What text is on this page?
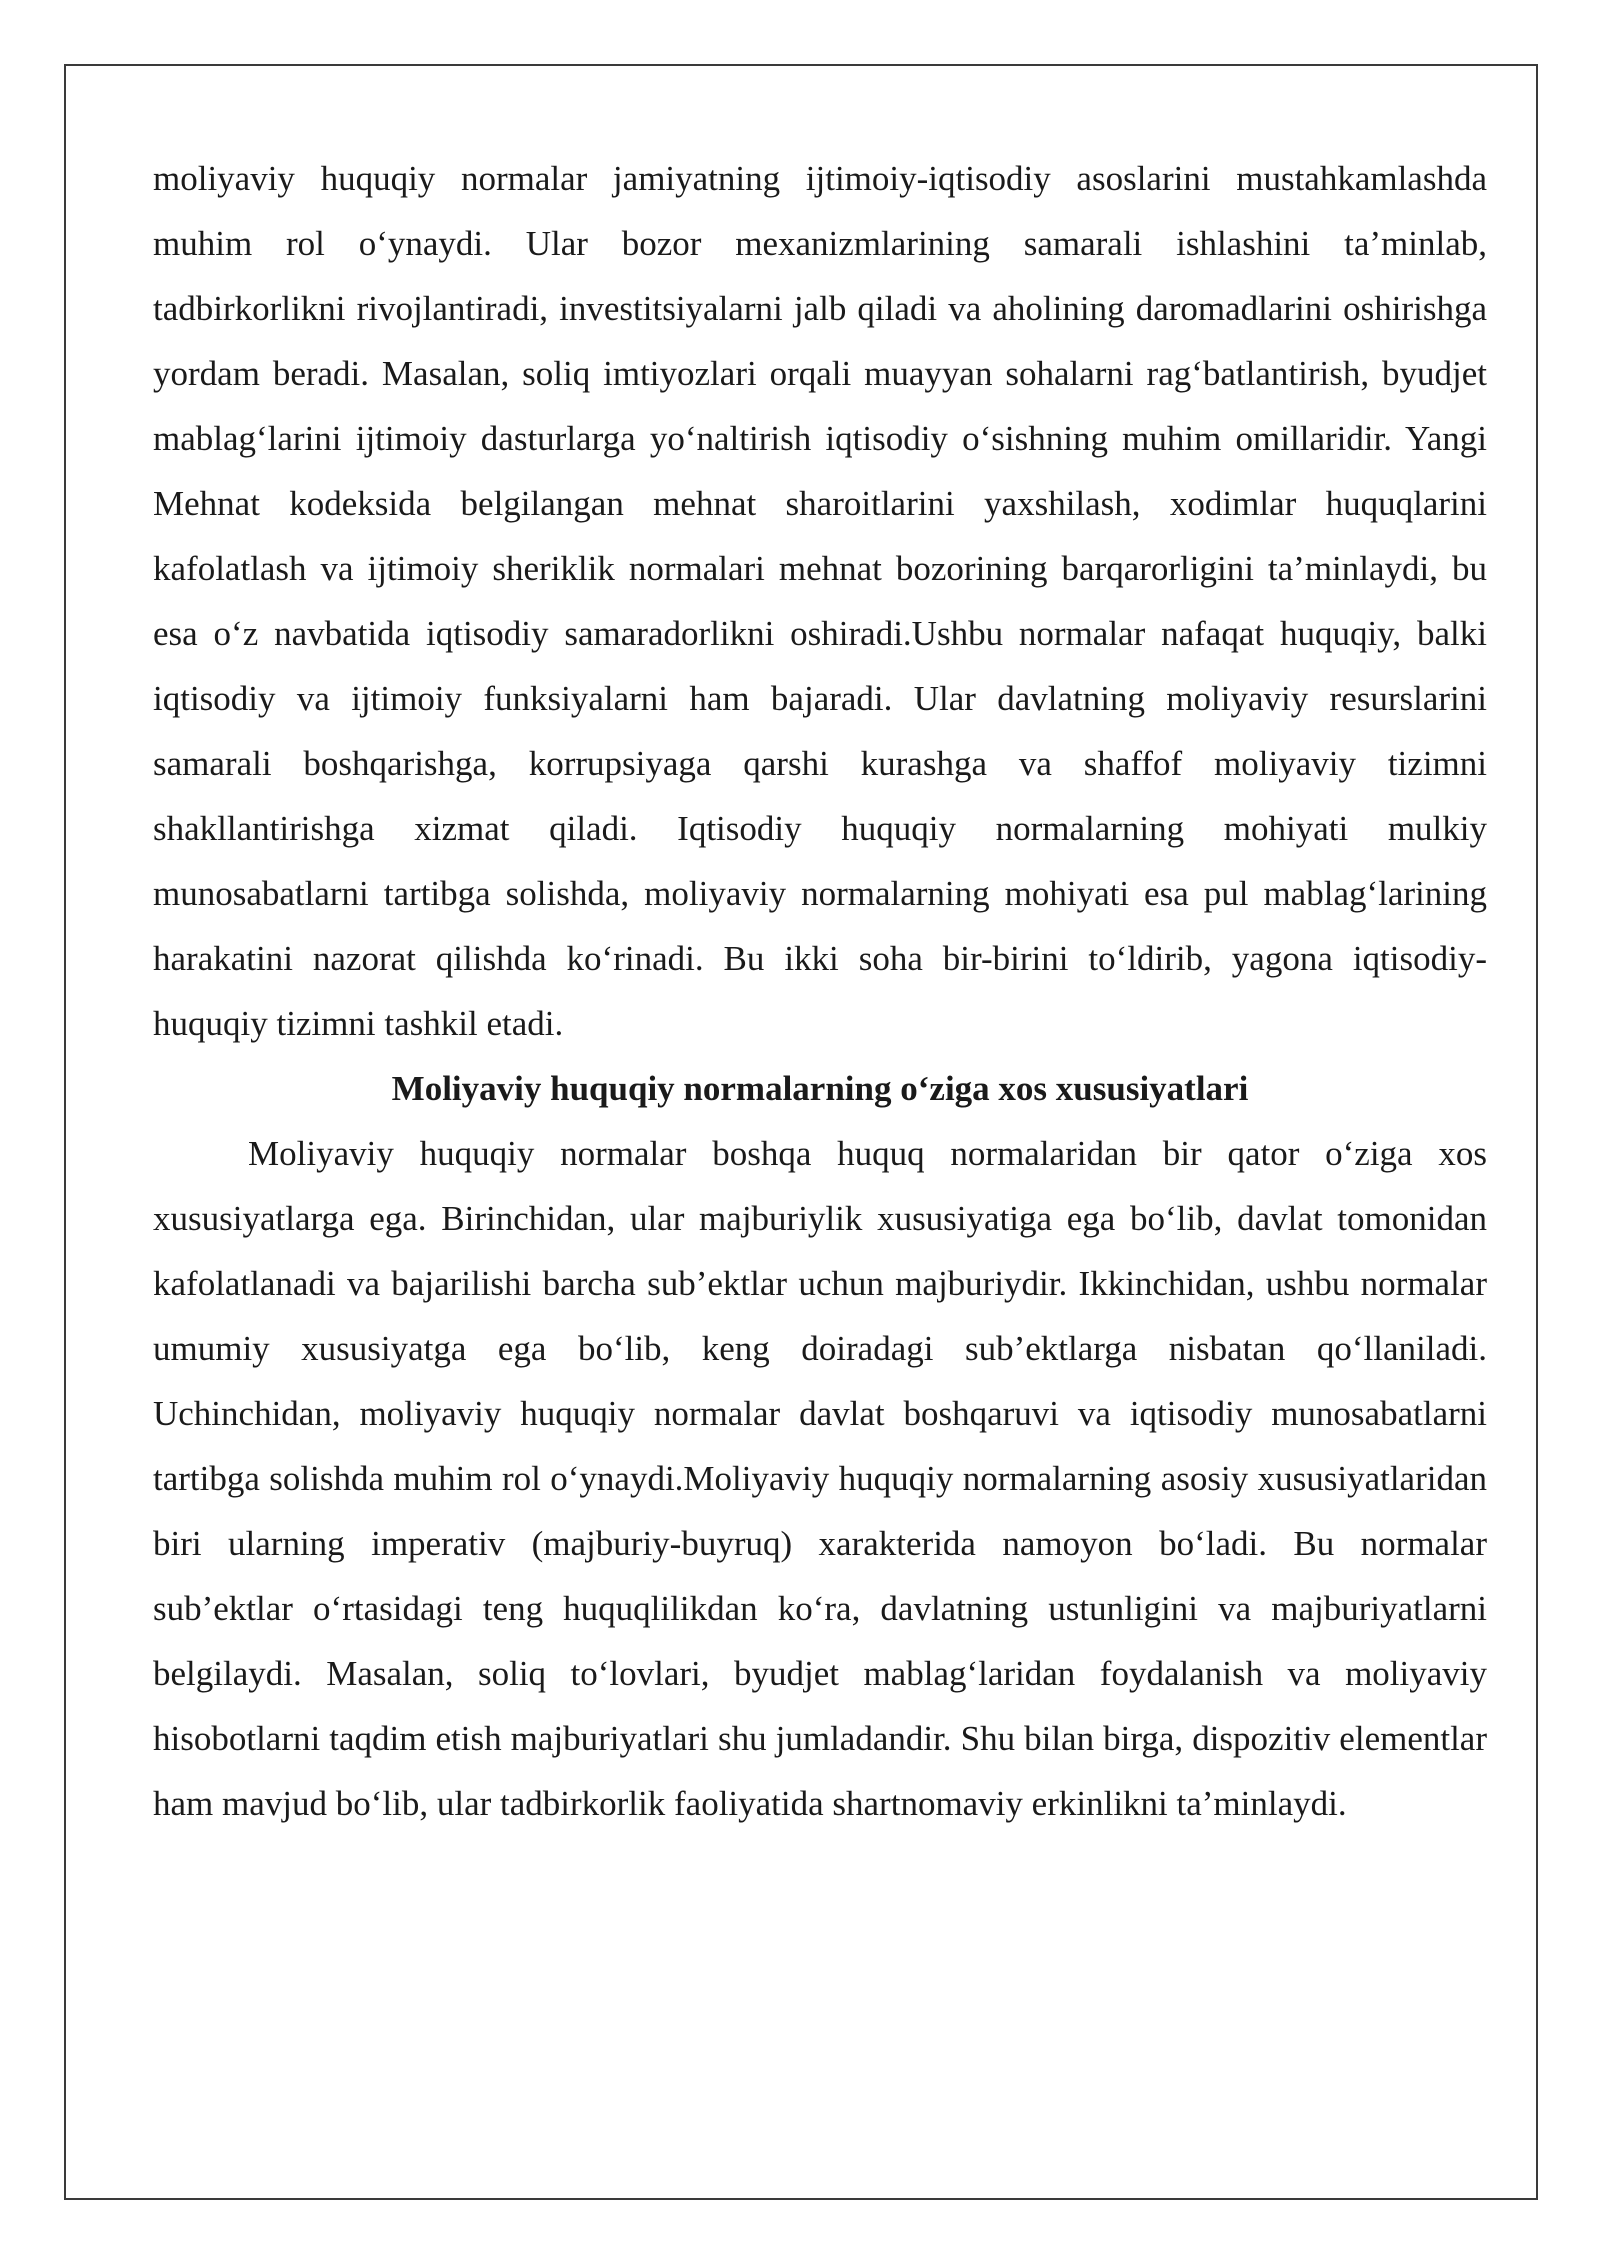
moliyaviy huquqiy normalar jamiyatning ijtimoiy-iqtisodiy asoslarini mustahkamlashda muhim rol o‘ynaydi. Ular bozor mexanizmlarining samarali ishlashini ta’minlab, tadbirkorlikni rivojlantiradi, investitsiyalarni jalb qiladi va aholining daromadlarini oshirishga yordam beradi. Masalan, soliq imtiyozlari orqali muayyan sohalarni rag‘batlantirish, byudjet mablag‘larini ijtimoiy dasturlarga yo‘naltirish iqtisodiy o‘sishning muhim omillaridir. Yangi Mehnat kodeksida belgilangan mehnat sharoitlarini yaxshilash, xodimlar huquqlarini kafolatlash va ijtimoiy sheriklik normalari mehnat bozorining barqarorligini ta’minlaydi, bu esa o‘z navbatida iqtisodiy samaradorlikni oshiradi.Ushbu normalar nafaqat huquqiy, balki iqtisodiy va ijtimoiy funksiyalarni ham bajaradi. Ular davlatning moliyaviy resurslarini samarali boshqarishga, korrupsiyaga qarshi kurashga va shaffof moliyaviy tizimni shakllantirishga xizmat qiladi. Iqtisodiy huquqiy normalarning mohiyati mulkiy munosabatlarni tartibga solishda, moliyaviy normalarning mohiyati esa pul mablag‘larining harakatini nazorat qilishda ko‘rinadi. Bu ikki soha bir-birini to‘ldirib, yagona iqtisodiy-huquqiy tizimni tashkil etadi.

Moliyaviy huquqiy normalarning o‘ziga xos xususiyatlari

Moliyaviy huquqiy normalar boshqa huquq normalaridan bir qator o‘ziga xos xususiyatlarga ega. Birinchidan, ular majburiylik xususiyatiga ega bo‘lib, davlat tomonidan kafolatlanadi va bajarilishi barcha sub’ektlar uchun majburiydir. Ikkinchidan, ushbu normalar umumiy xususiyatga ega bo‘lib, keng doiradagi sub’ektlarga nisbatan qo‘llaniladi. Uchinchidan, moliyaviy huquqiy normalar davlat boshqaruvi va iqtisodiy munosabatlarni tartibga solishda muhim rol o‘ynaydi.Moliyaviy huquqiy normalarning asosiy xususiyatlaridan biri ularning imperativ (majburiy-buyruq) xarakterida namoyon bo‘ladi. Bu normalar sub’ektlar o‘rtasidagi teng huquqlilikdan ko‘ra, davlatning ustunligini va majburiyatlarni belgilaydi. Masalan, soliq to‘lovlari, byudjet mablag‘laridan foydalanish va moliyaviy hisobotlarni taqdim etish majburiyatlari shu jumladandir. Shu bilan birga, dispozitiv elementlar ham mavjud bo‘lib, ular tadbirkorlik faoliyatida shartnomaviy erkinlikni ta’minlaydi.
